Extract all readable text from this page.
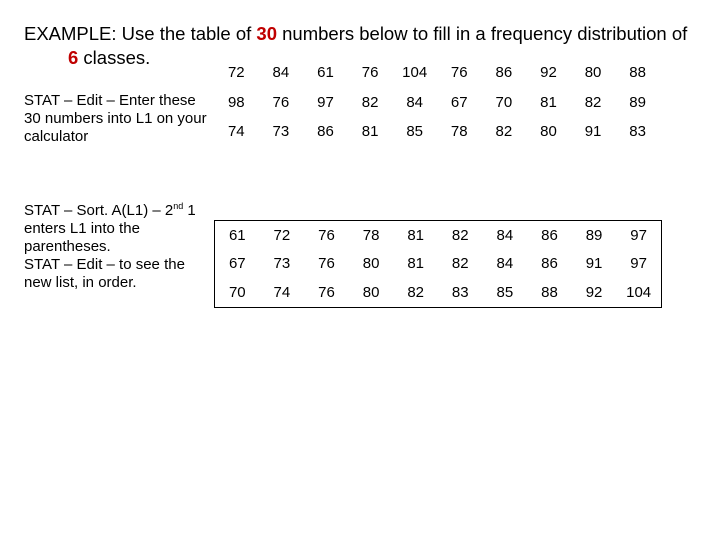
EXAMPLE: Use the table of 30 numbers below to fill in a frequency distribution of
6 classes.

STAT – Edit – Enter these 30 numbers into L1 on your calculator

STAT – Sort. A(L1) – 2nd 1 enters L1 into the parentheses.
STAT – Edit – to see the new list, in order.

72	84	61	76	104	76	86	92	80	88
98	76	97	82	84	67	70	81	82	89
74	73	86	81	85	78	82	80	91	83
61	72	76	78	81	82	84	86	89	97
67	73	76	80	81	82	84	86	91	97
70	74	76	80	82	83	85	88	92	104
